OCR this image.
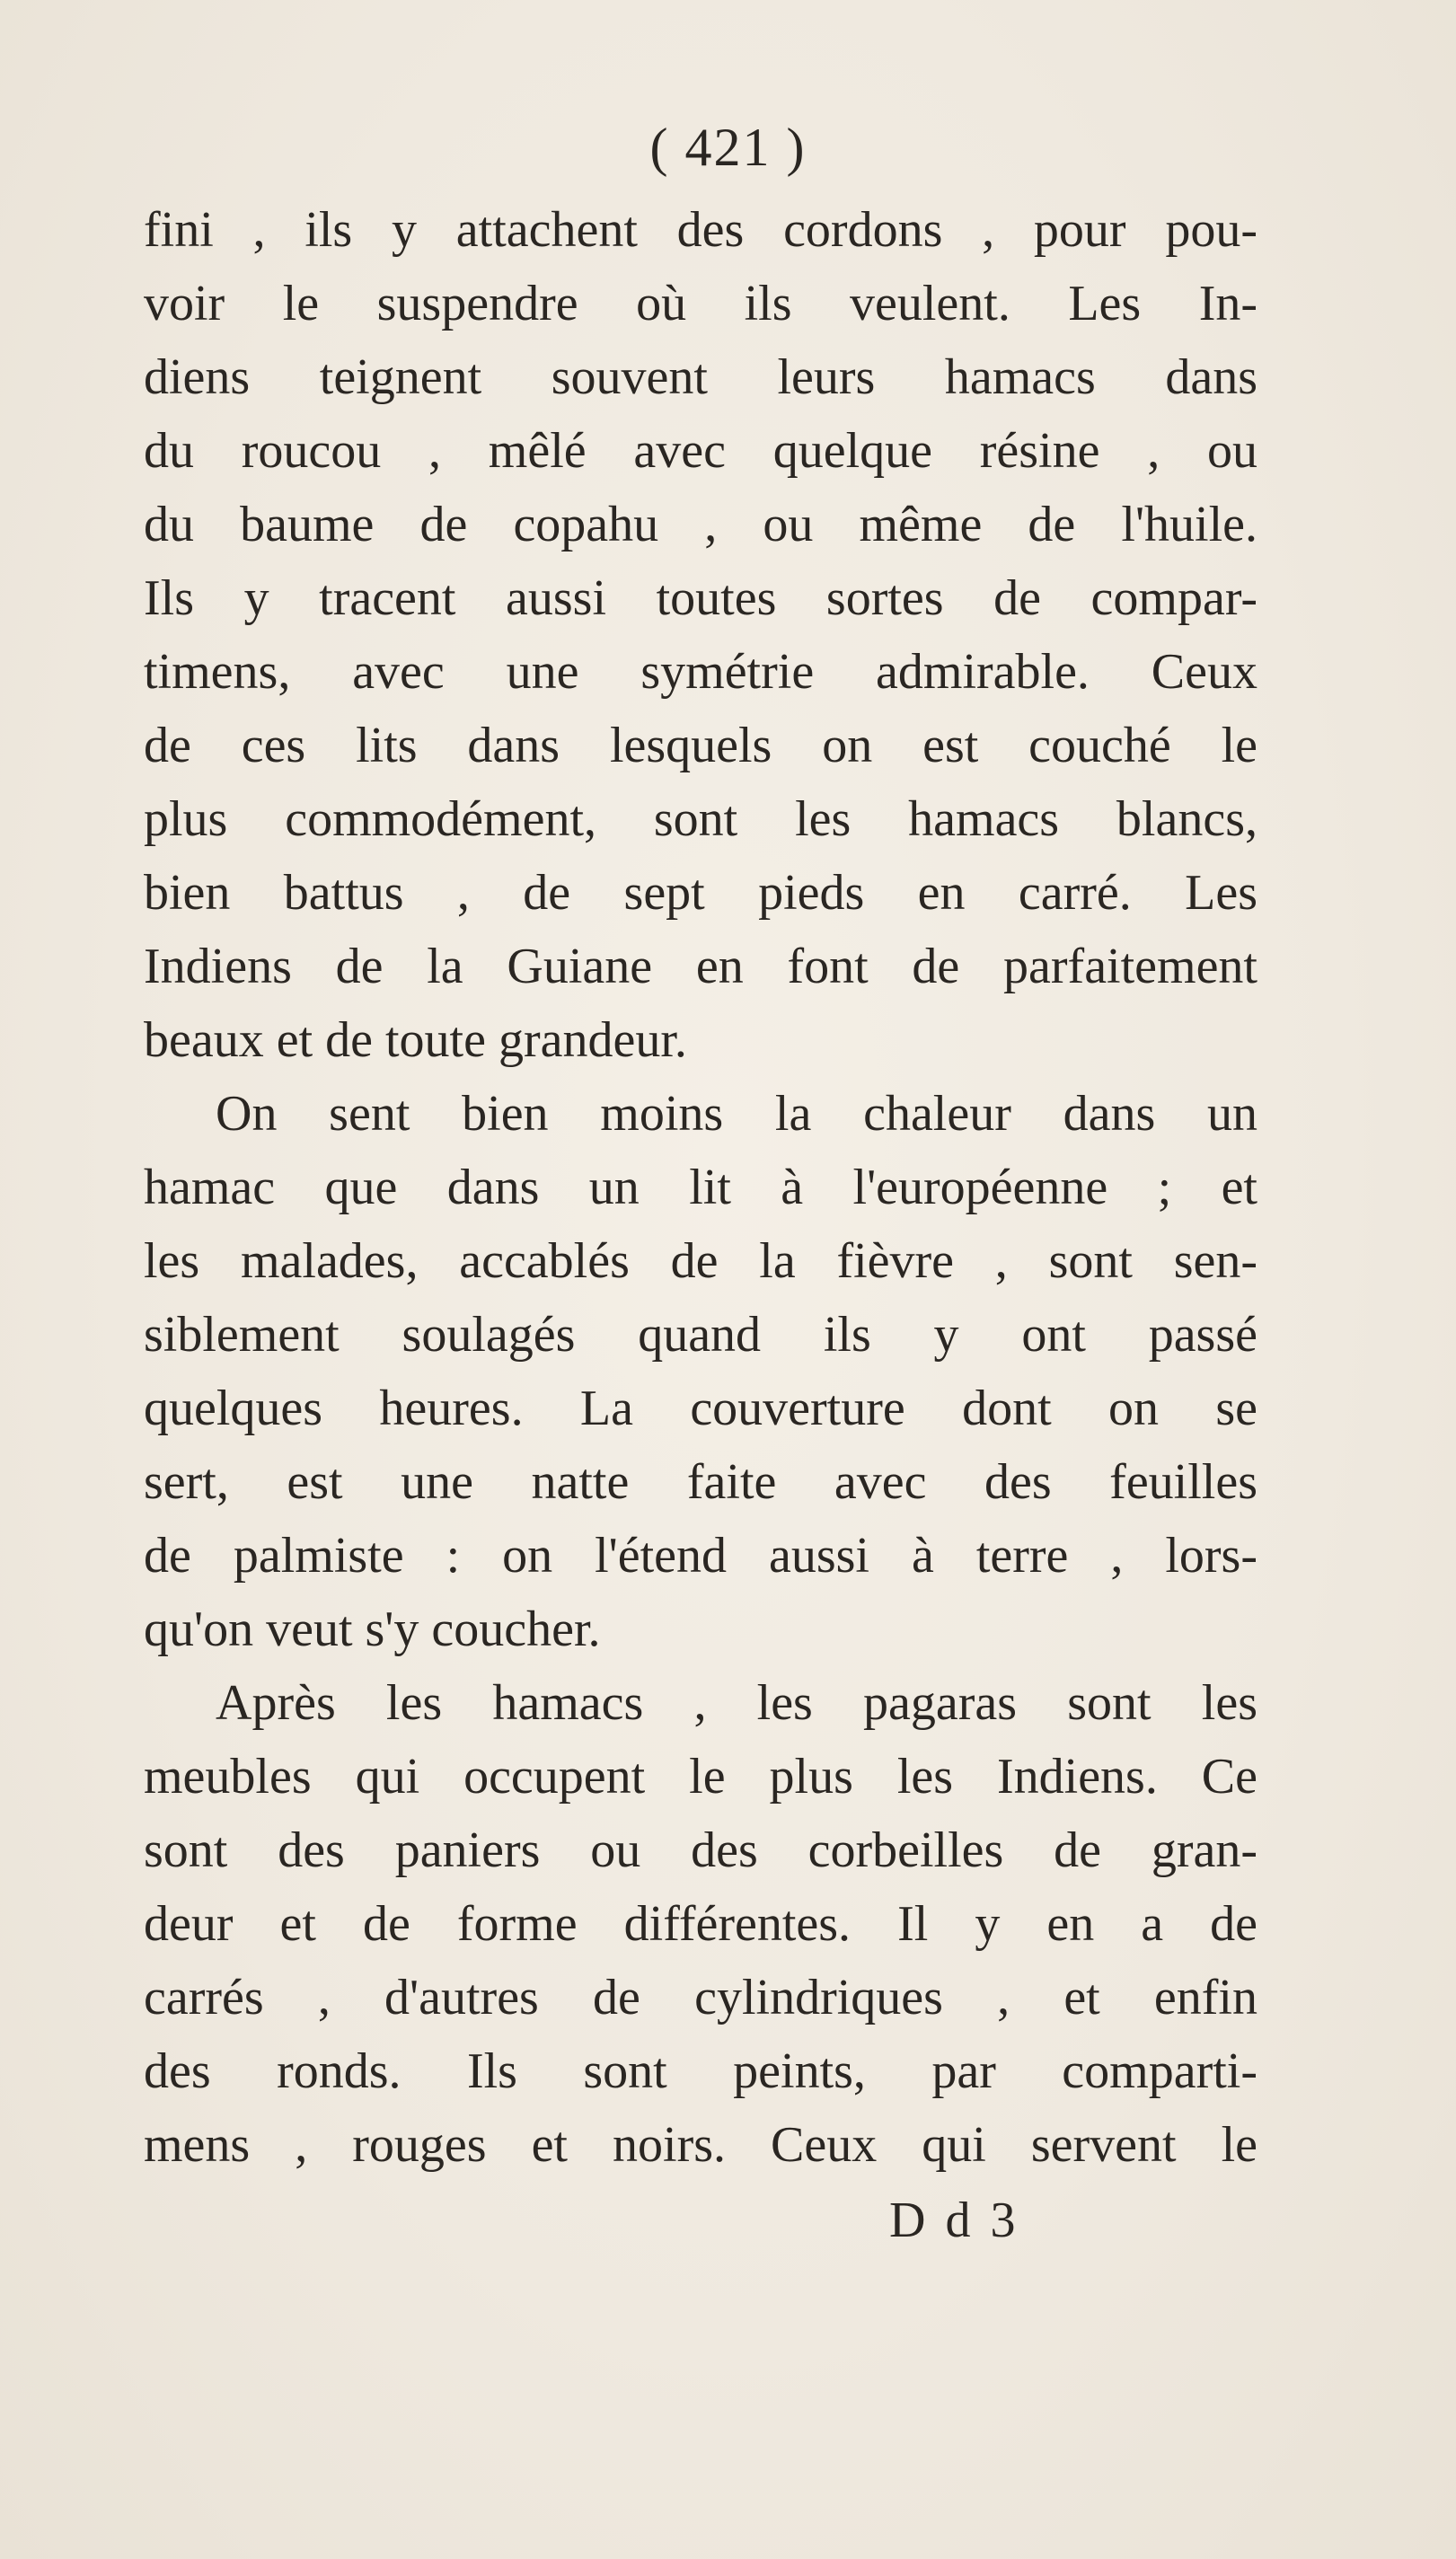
( 421 )
fini , ils y attachent des cordons , pour pou-
voir le suspendre où ils veulent. Les In-
diens teignent souvent leurs hamacs dans
du roucou , mêlé avec quelque résine , ou
du baume de copahu , ou même de l'huile.
Ils y tracent aussi toutes sortes de compar-
timens, avec une symétrie admirable. Ceux
de ces lits dans lesquels on est couché le
plus commodément, sont les hamacs blancs,
bien battus , de sept pieds en carré. Les
Indiens de la Guiane en font de parfaitement
beaux et de toute grandeur.
On sent bien moins la chaleur dans un
hamac que dans un lit à l'européenne ; et
les malades, accablés de la fièvre , sont sen-
siblement soulagés quand ils y ont passé
quelques heures. La couverture dont on se
sert, est une natte faite avec des feuilles
de palmiste : on l'étend aussi à terre , lors-
qu'on veut s'y coucher.
Après les hamacs , les pagaras sont les
meubles qui occupent le plus les Indiens. Ce
sont des paniers ou des corbeilles de gran-
deur et de forme différentes. Il y en a de
carrés , d'autres de cylindriques , et enfin
des ronds. Ils sont peints, par comparti-
mens , rouges et noirs. Ceux qui servent le
D d 3
